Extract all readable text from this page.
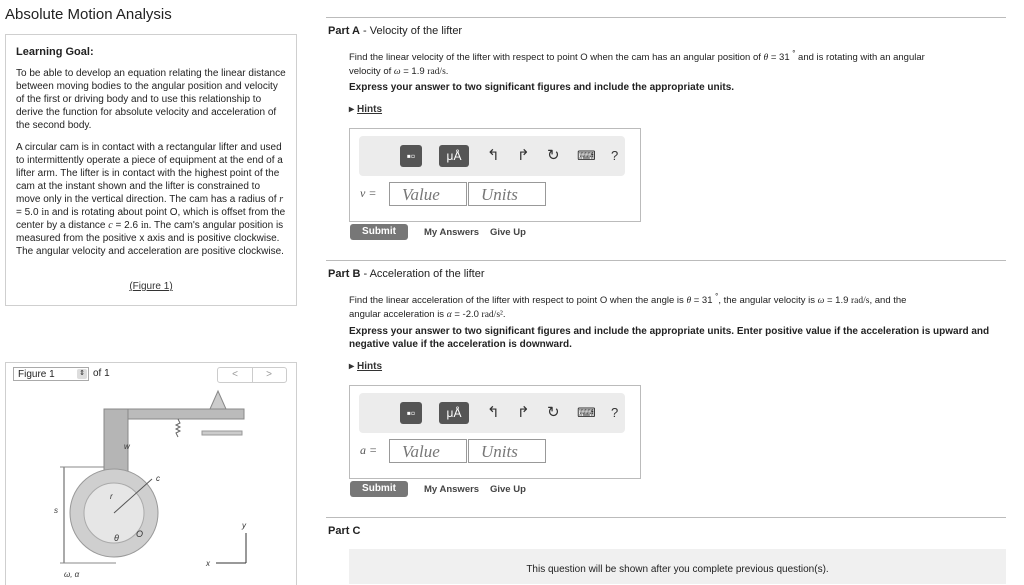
Absolute Motion Analysis
Learning Goal:
To be able to develop an equation relating the linear distance between moving bodies to the angular position and velocity of the first or driving body and to use this relationship to derive the function for absolute velocity and acceleration of the second body.
A circular cam is in contact with a rectangular lifter and used to intermittently operate a piece of equipment at the end of a lifter arm. The lifter is in contact with the highest point of the cam at the instant shown and the lifter is constrained to move only in the vertical direction. The cam has a radius of r = 5.0 in and is rotating about point O, which is offset from the center by a distance c = 2.6 in. The cam's angular position is measured from the positive x axis and is positive clockwise. The angular velocity and acceleration are positive clockwise.
(Figure 1)
Figure 1	⇕ of 1	<	>
w
c
r
θ O
s
y
x
ω, α
Part A - Velocity of the lifter
Find the linear velocity of the lifter with respect to point O when the cam has an angular position of θ = 31 ° and is rotating with an angular
velocity of ω = 1.9 rad/s.
Express your answer to two significant figures and include the appropriate units.
▸ Hints
▪▫	μÅ	↰ ↱ ↻ ⌨ ?
v =	Value	Units
Submit	My Answers Give Up
Part B - Acceleration of the lifter
Find the linear acceleration of the lifter with respect to point O when the angle is θ = 31 °, the angular velocity is ω = 1.9 rad/s, and the
angular acceleration is α = -2.0 rad/s².
Express your answer to two significant figures and include the appropriate units. Enter positive value if the acceleration is upward and negative value if the acceleration is downward.
▸ Hints
▪▫	μÅ	↰ ↱ ↻ ⌨ ?
a =	Value	Units
Submit	My Answers Give Up
Part C
This question will be shown after you complete previous question(s).
